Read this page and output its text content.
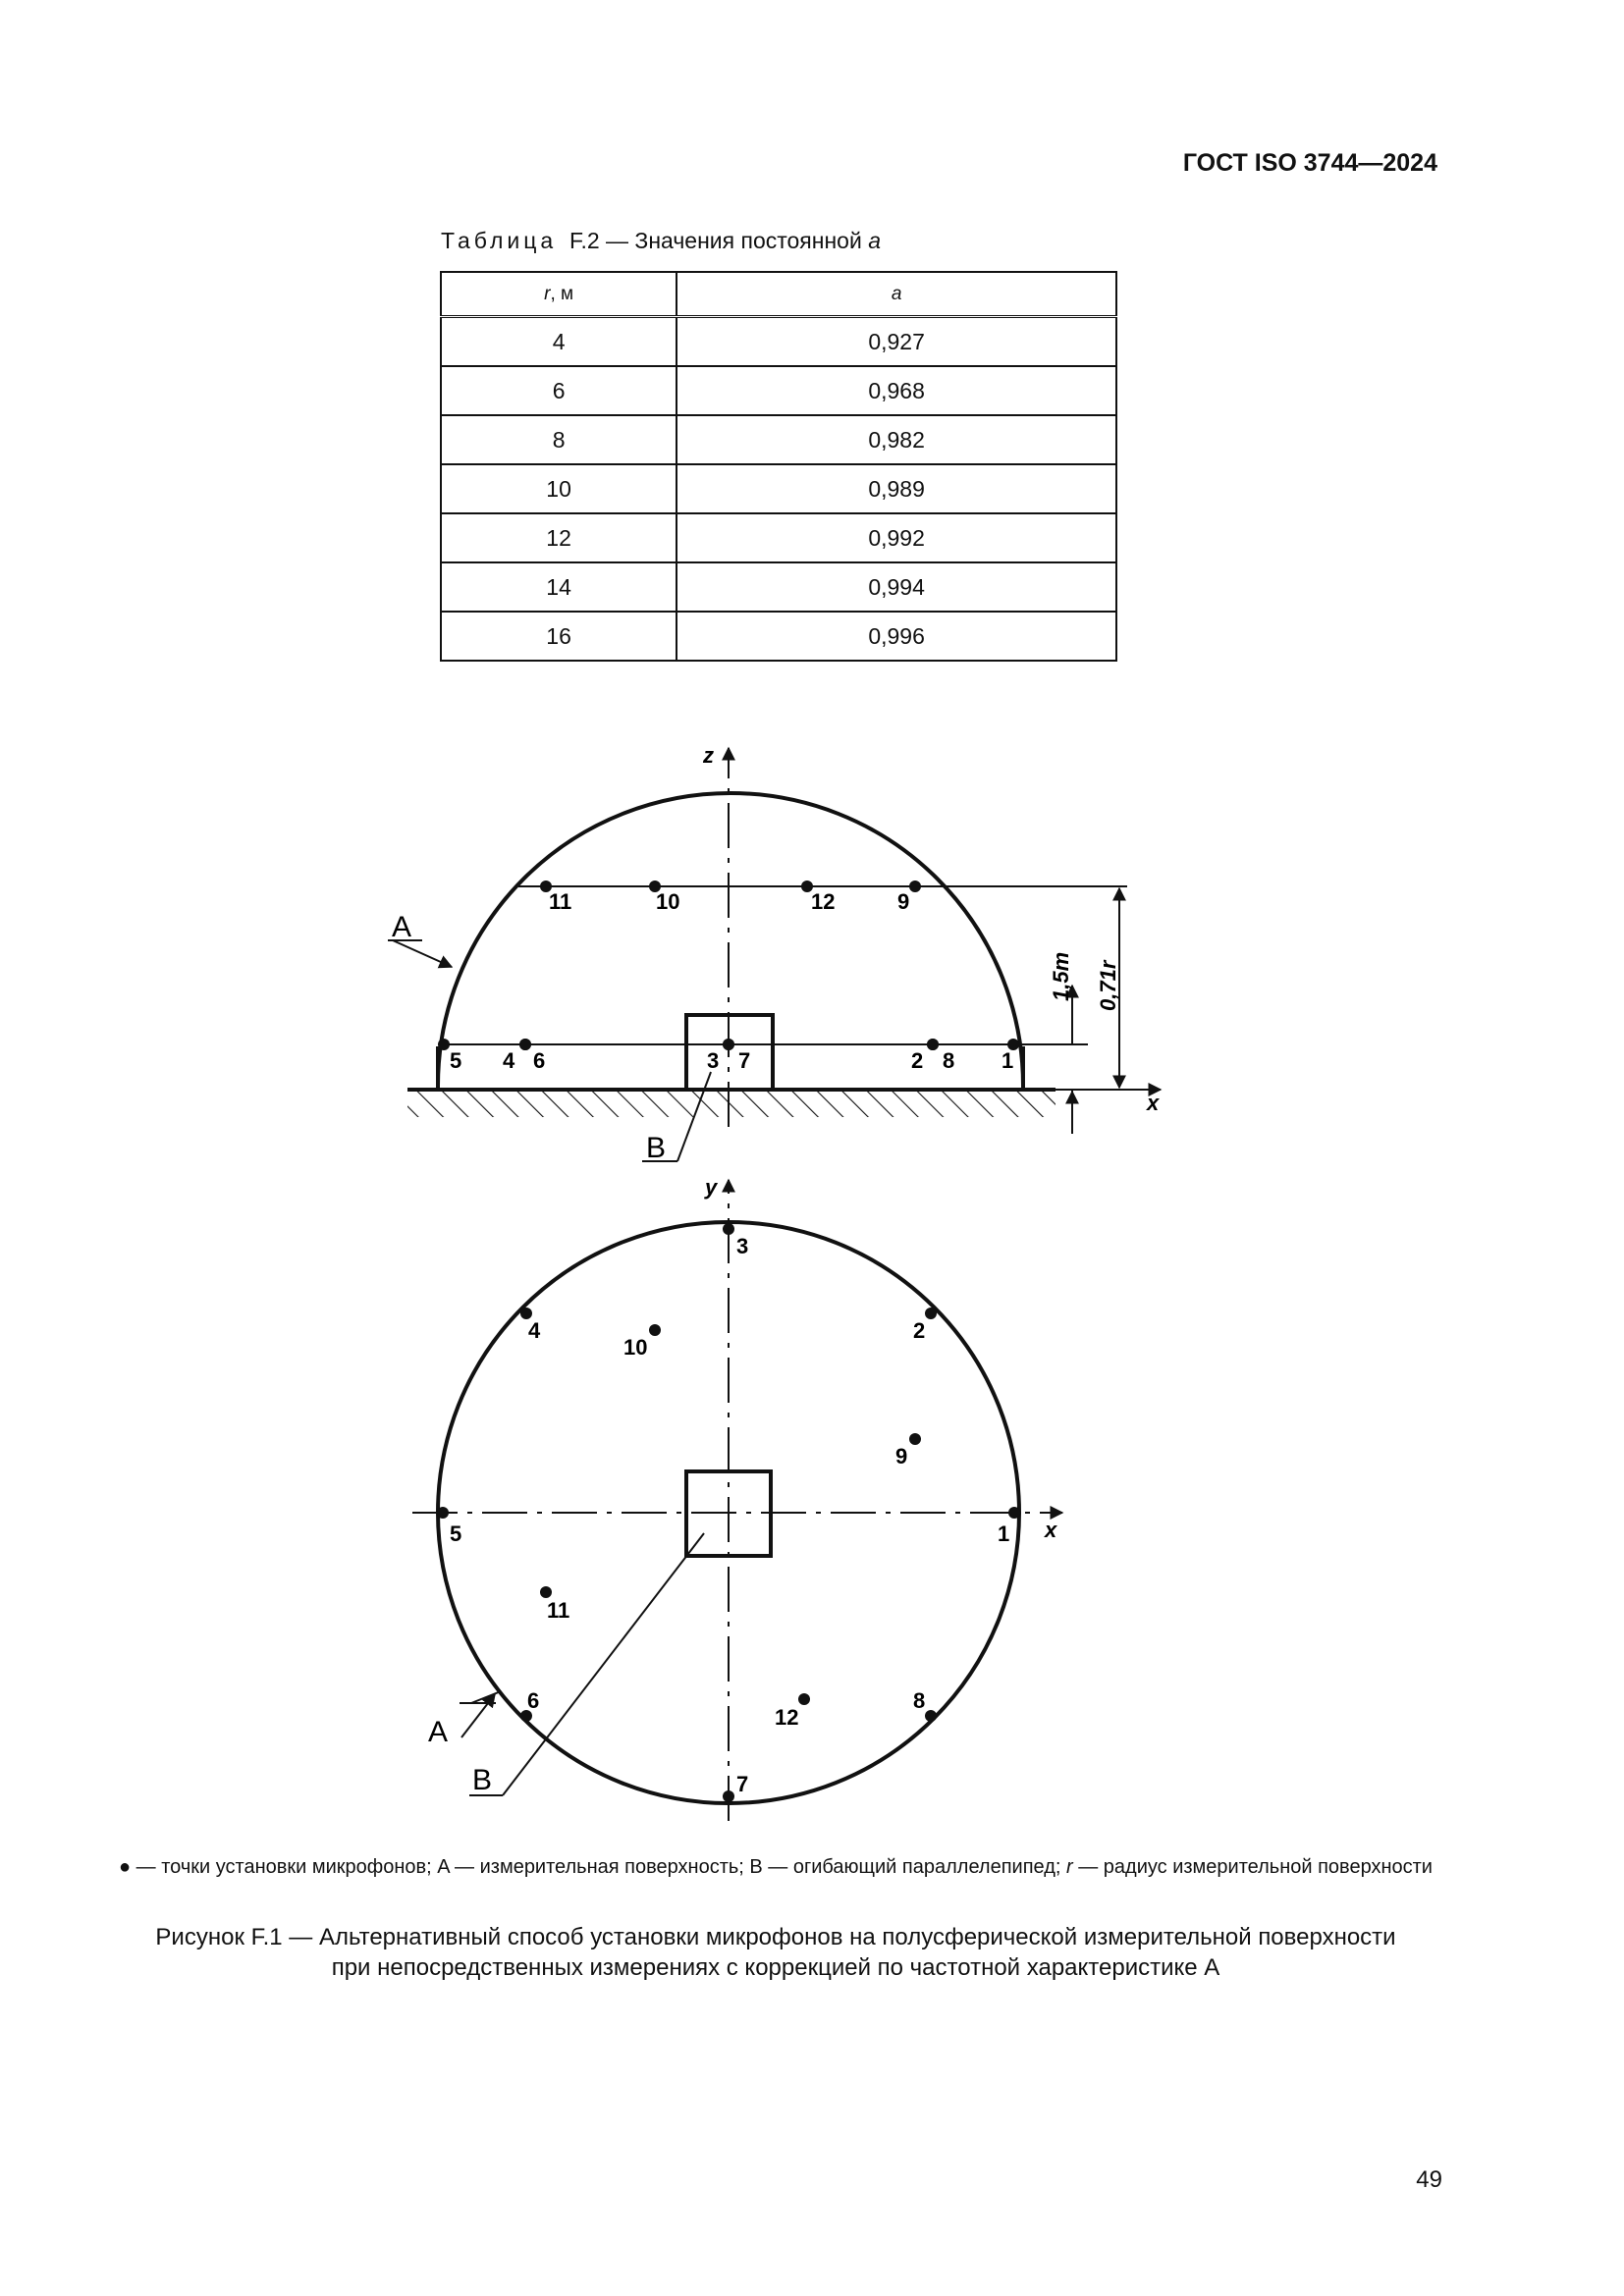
ГОСТ ISO 3744—2024
Таблица F.2 — Значения постоянной a
r, м	a
4	0,927
6	0,968
8	0,982
10	0,989
12	0,992
14	0,994
16	0,996
1
2
3
4
5	6	7	8
9
10
11	12
1,5m 0,71r
z
x
A
B
x
y
1
2
3
4
5
6
7
8
9
10
11
12
A
B
● — точки установки микрофонов; A — измерительная поверхность; B — огибающий параллелепипед; r — радиус измерительной поверхности
Рисунок F.1 — Альтернативный способ установки микрофонов на полусферической измерительной поверхности
при непосредственных измерениях с коррекцией по частотной характеристике A
49
